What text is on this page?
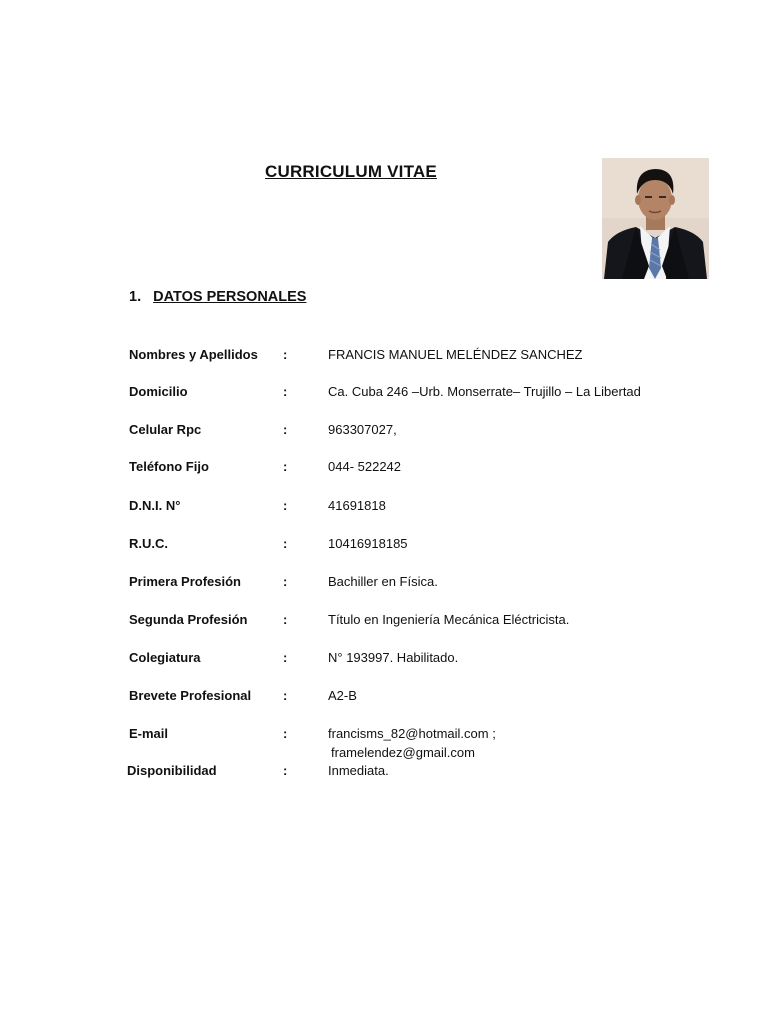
CURRICULUM VITAE
1. DATOS PERSONALES
Nombres y Apellidos :	FRANCIS MANUEL MELÉNDEZ SANCHEZ
Domicilio	:	Ca. Cuba 246 –Urb. Monserrate– Trujillo – La Libertad
Celular Rpc	:	963307027,
Teléfono Fijo	:	044- 522242
D.N.I. N°	:	41691818
R.U.C.	:	10416918185
Primera Profesión	:	Bachiller en Física.
Segunda Profesión	:	Título en Ingeniería Mecánica Eléctricista.
Colegiatura	:	N° 193997. Habilitado.
Brevete Profesional :	A2-B
E-mail	:	francisms_82@hotmail.com ;
framelendez@gmail.com
Disponibilidad	:	Inmediata.
